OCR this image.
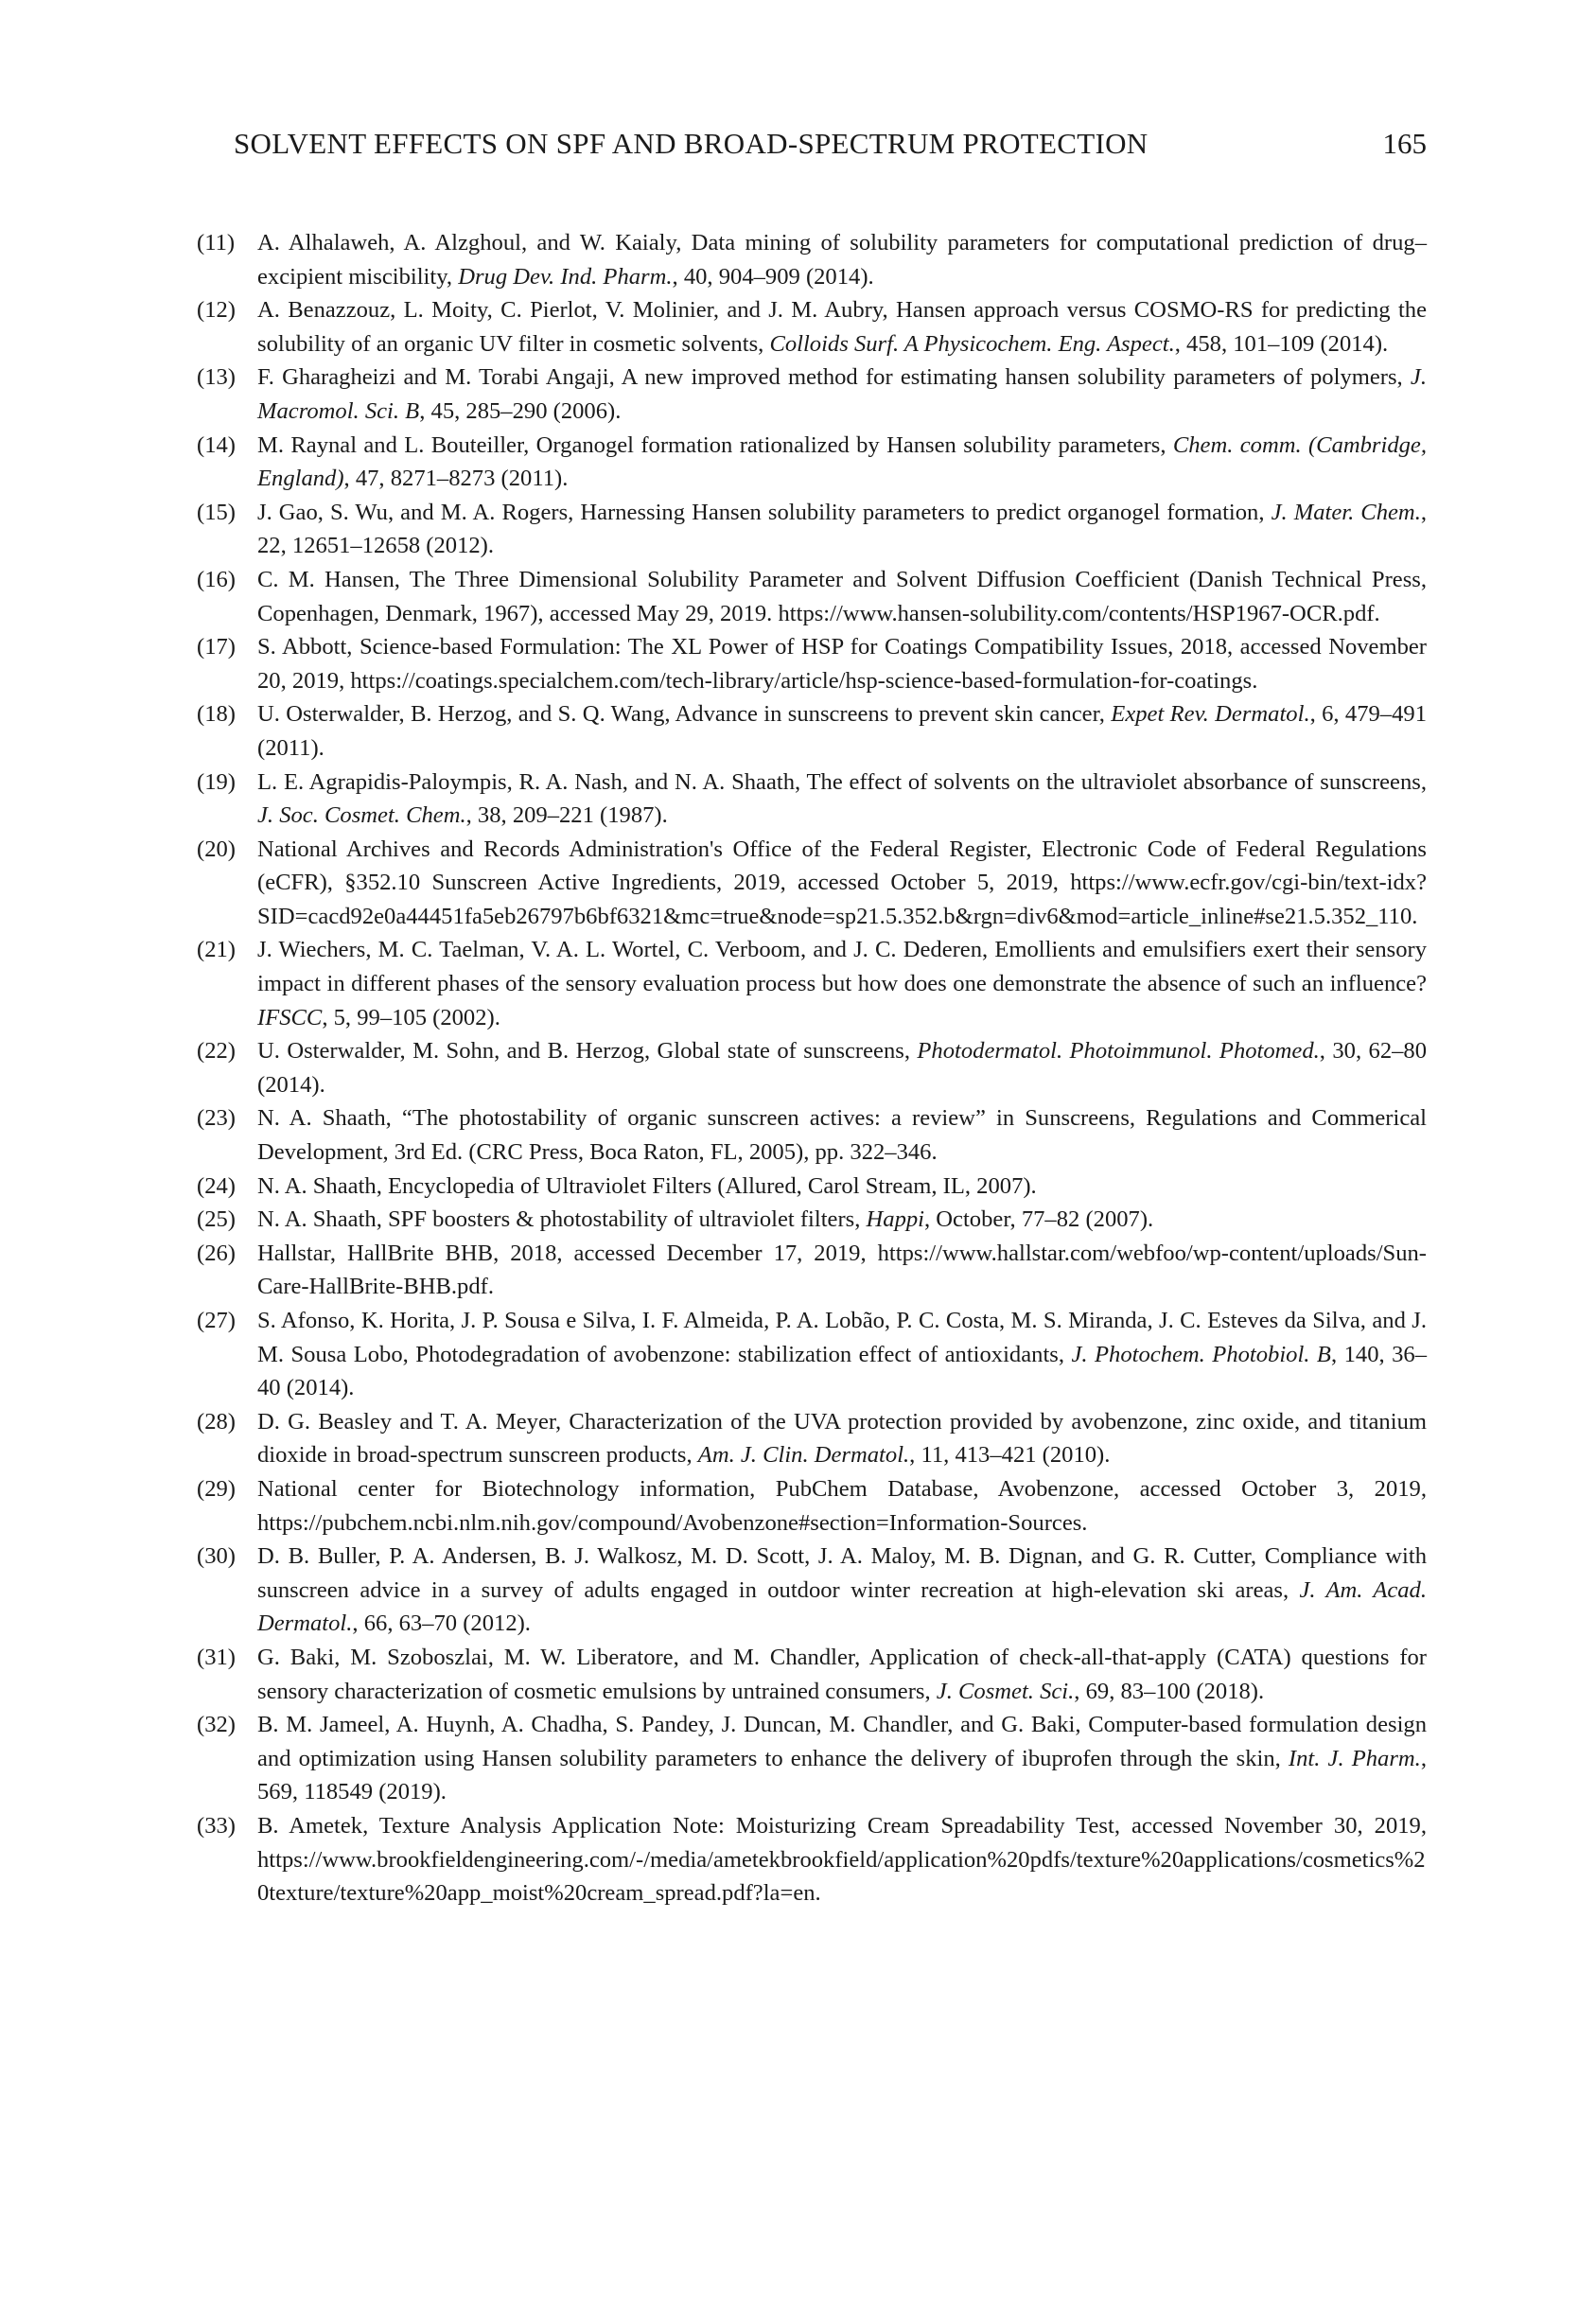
SOLVENT EFFECTS ON SPF AND BROAD-SPECTRUM PROTECTION	165
(11) A. Alhalaweh, A. Alzghoul, and W. Kaialy, Data mining of solubility parameters for computational prediction of drug–excipient miscibility, Drug Dev. Ind. Pharm., 40, 904–909 (2014).
(12) A. Benazzouz, L. Moity, C. Pierlot, V. Molinier, and J. M. Aubry, Hansen approach versus COSMO-RS for predicting the solubility of an organic UV filter in cosmetic solvents, Colloids Surf. A Physicochem. Eng. Aspect., 458, 101–109 (2014).
(13) F. Gharagheizi and M. Torabi Angaji, A new improved method for estimating hansen solubility parameters of polymers, J. Macromol. Sci. B, 45, 285–290 (2006).
(14) M. Raynal and L. Bouteiller, Organogel formation rationalized by Hansen solubility parameters, Chem. comm. (Cambridge, England), 47, 8271–8273 (2011).
(15) J. Gao, S. Wu, and M. A. Rogers, Harnessing Hansen solubility parameters to predict organogel formation, J. Mater. Chem., 22, 12651–12658 (2012).
(16) C. M. Hansen, The Three Dimensional Solubility Parameter and Solvent Diffusion Coefficient (Danish Technical Press, Copenhagen, Denmark, 1967), accessed May 29, 2019. https://www.hansen-solubility.com/contents/HSP1967-OCR.pdf.
(17) S. Abbott, Science-based Formulation: The XL Power of HSP for Coatings Compatibility Issues, 2018, accessed November 20, 2019, https://coatings.specialchem.com/tech-library/article/hsp-science-based-formulation-for-coatings.
(18) U. Osterwalder, B. Herzog, and S. Q. Wang, Advance in sunscreens to prevent skin cancer, Expet Rev. Dermatol., 6, 479–491 (2011).
(19) L. E. Agrapidis-Paloympis, R. A. Nash, and N. A. Shaath, The effect of solvents on the ultraviolet absorbance of sunscreens, J. Soc. Cosmet. Chem., 38, 209–221 (1987).
(20) National Archives and Records Administration's Office of the Federal Register, Electronic Code of Federal Regulations (eCFR), §352.10 Sunscreen Active Ingredients, 2019, accessed October 5, 2019, https://www.ecfr.gov/cgi-bin/text-idx?SID=cacd92e0a44451fa5eb26797b6bf6321&mc=true&node=sp21.5.352.b&rgn=div6&mod=article_inline#se21.5.352_110.
(21) J. Wiechers, M. C. Taelman, V. A. L. Wortel, C. Verboom, and J. C. Dederen, Emollients and emulsifiers exert their sensory impact in different phases of the sensory evaluation process but how does one demonstrate the absence of such an influence? IFSCC, 5, 99–105 (2002).
(22) U. Osterwalder, M. Sohn, and B. Herzog, Global state of sunscreens, Photodermatol. Photoimmunol. Photomed., 30, 62–80 (2014).
(23) N. A. Shaath, “The photostability of organic sunscreen actives: a review” in Sunscreens, Regulations and Commerical Development, 3rd Ed. (CRC Press, Boca Raton, FL, 2005), pp. 322–346.
(24) N. A. Shaath, Encyclopedia of Ultraviolet Filters (Allured, Carol Stream, IL, 2007).
(25) N. A. Shaath, SPF boosters & photostability of ultraviolet filters, Happi, October, 77–82 (2007).
(26) Hallstar, HallBrite BHB, 2018, accessed December 17, 2019, https://www.hallstar.com/webfoo/wp-content/uploads/Sun-Care-HallBrite-BHB.pdf.
(27) S. Afonso, K. Horita, J. P. Sousa e Silva, I. F. Almeida, P. A. Lobão, P. C. Costa, M. S. Miranda, J. C. Esteves da Silva, and J. M. Sousa Lobo, Photodegradation of avobenzone: stabilization effect of antioxidants, J. Photochem. Photobiol. B, 140, 36–40 (2014).
(28) D. G. Beasley and T. A. Meyer, Characterization of the UVA protection provided by avobenzone, zinc oxide, and titanium dioxide in broad-spectrum sunscreen products, Am. J. Clin. Dermatol., 11, 413–421 (2010).
(29) National center for Biotechnology information, PubChem Database, Avobenzone, accessed October 3, 2019, https://pubchem.ncbi.nlm.nih.gov/compound/Avobenzone#section=Information-Sources.
(30) D. B. Buller, P. A. Andersen, B. J. Walkosz, M. D. Scott, J. A. Maloy, M. B. Dignan, and G. R. Cutter, Compliance with sunscreen advice in a survey of adults engaged in outdoor winter recreation at high-elevation ski areas, J. Am. Acad. Dermatol., 66, 63–70 (2012).
(31) G. Baki, M. Szoboszlai, M. W. Liberatore, and M. Chandler, Application of check-all-that-apply (CATA) questions for sensory characterization of cosmetic emulsions by untrained consumers, J. Cosmet. Sci., 69, 83–100 (2018).
(32) B. M. Jameel, A. Huynh, A. Chadha, S. Pandey, J. Duncan, M. Chandler, and G. Baki, Computer-based formulation design and optimization using Hansen solubility parameters to enhance the delivery of ibuprofen through the skin, Int. J. Pharm., 569, 118549 (2019).
(33) B. Ametek, Texture Analysis Application Note: Moisturizing Cream Spreadability Test, accessed November 30, 2019, https://www.brookfieldengineering.com/-/media/ametekbrookfield/application%20pdfs/texture%20applications/cosmetics%20texture/texture%20app_moist%20cream_spread.pdf?la=en.
